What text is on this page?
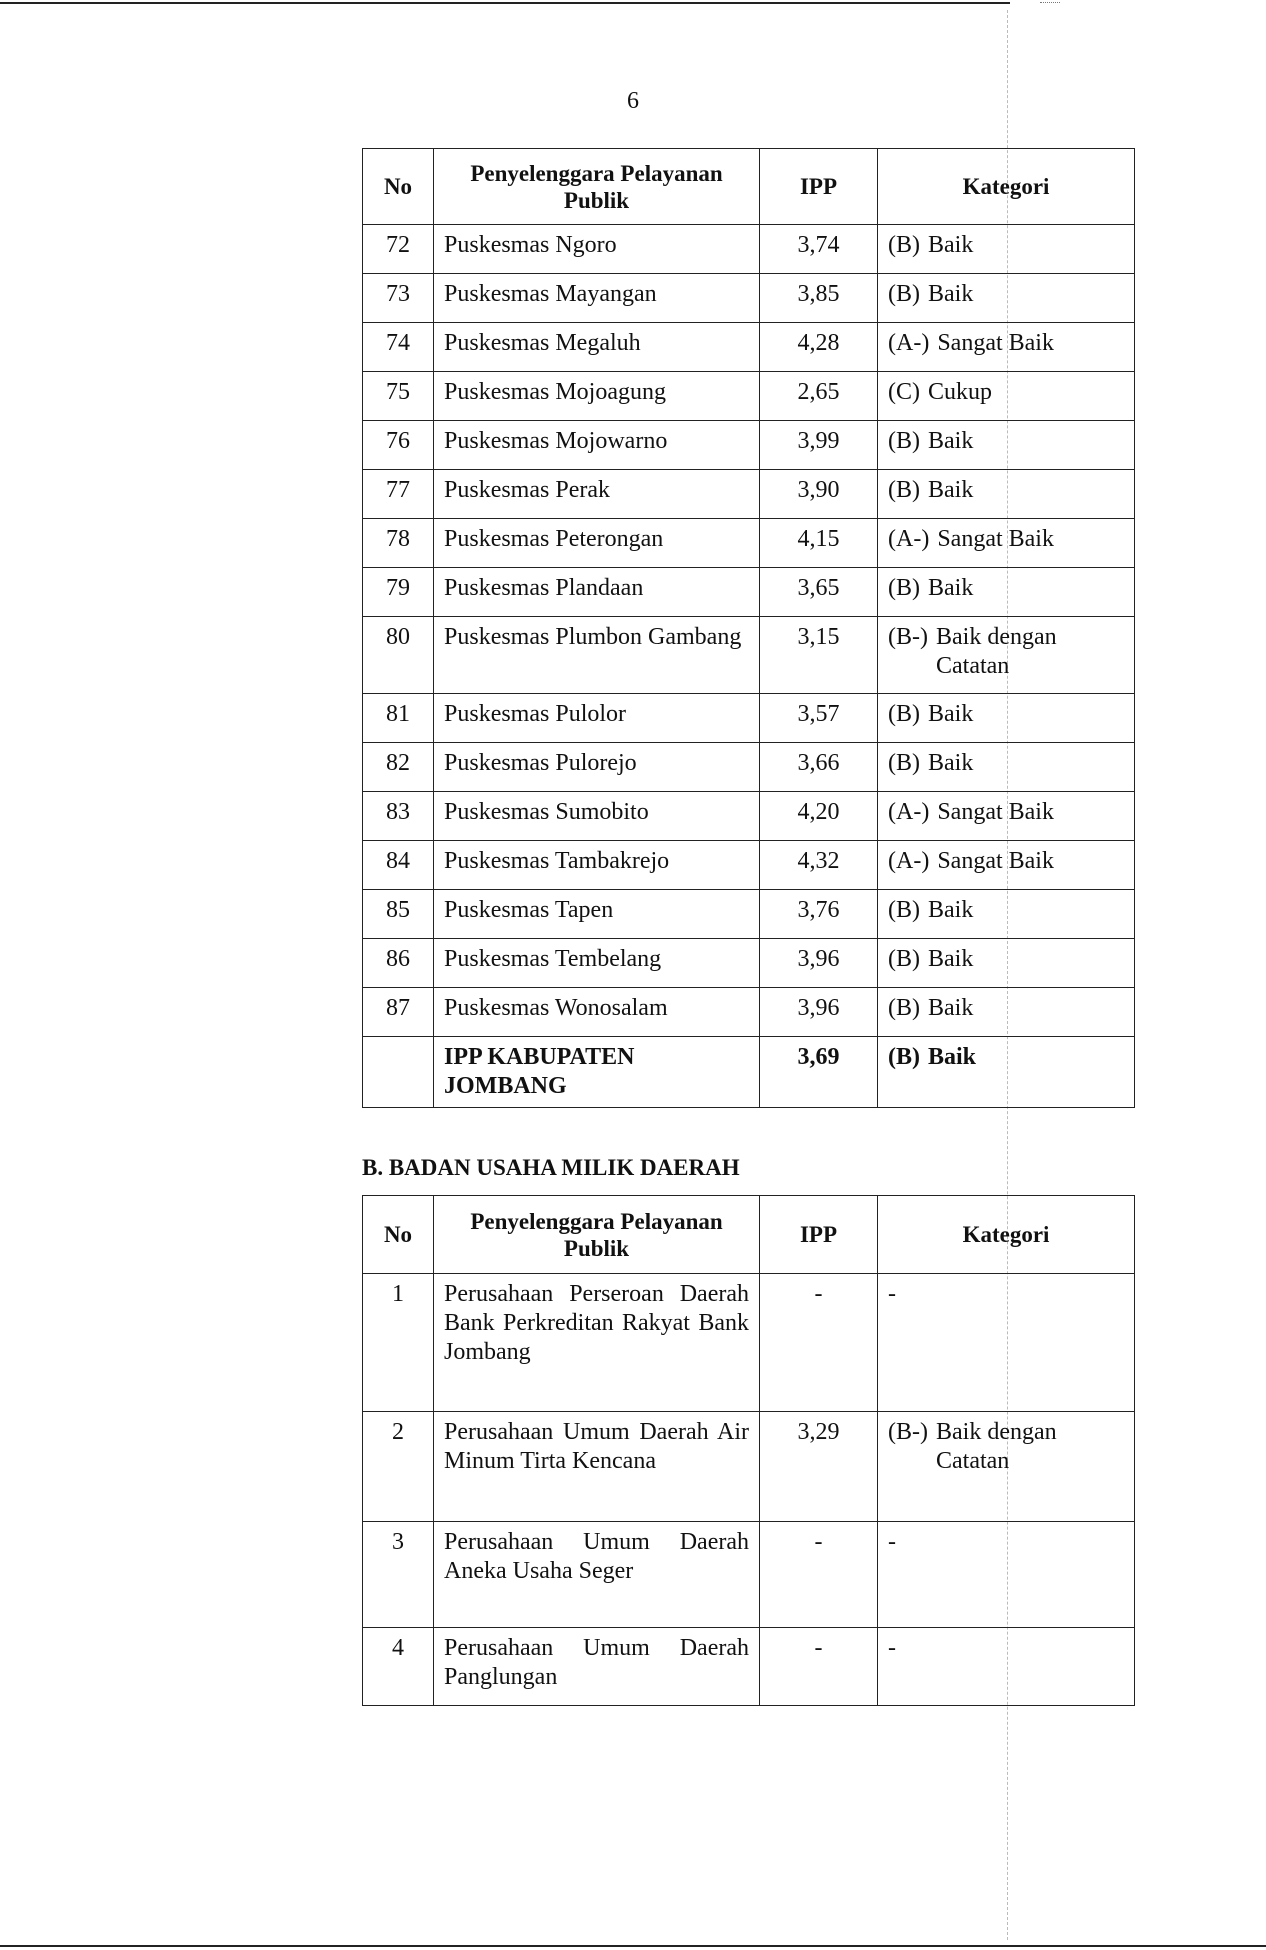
6
No	Penyelenggara Pelayanan Publik	IPP	Kategori
72	Puskesmas Ngoro	3,74	(B) Baik

73	Puskesmas Mayangan	3,85	(B) Baik

74	Puskesmas Megaluh	4,28	(A-) Sangat Baik

75	Puskesmas Mojoagung	2,65	(C) Cukup

76	Puskesmas Mojowarno	3,99	(B) Baik

77	Puskesmas Perak	3,90	(B) Baik

78	Puskesmas Peterongan	4,15	(A-) Sangat Baik

79	Puskesmas Plandaan	3,65	(B) Baik

80	Puskesmas Plumbon Gambang	3,15	(B-) Baik dengan Catatan

81	Puskesmas Pulolor	3,57	(B) Baik

82	Puskesmas Pulorejo	3,66	(B) Baik

83	Puskesmas Sumobito	4,20	(A-) Sangat Baik

84	Puskesmas Tambakrejo	4,32	(A-) Sangat Baik

85	Puskesmas Tapen	3,76	(B) Baik

86	Puskesmas Tembelang	3,96	(B) Baik

87	Puskesmas Wonosalam	3,96	(B) Baik

	IPP KABUPATEN JOMBANG	3,69	(B) Baik
B. BADAN USAHA MILIK DAERAH
No	Penyelenggara Pelayanan Publik	IPP	Kategori
1	Perusahaan Perseroan Daerah Bank Perkreditan Rakyat Bank Jombang	-	-

2	Perusahaan Umum Daerah Air Minum Tirta Kencana	3,29	(B-) Baik dengan Catatan

3	Perusahaan Umum Daerah Aneka Usaha Seger	-	-

4	Perusahaan Umum Daerah Panglungan	-	-
